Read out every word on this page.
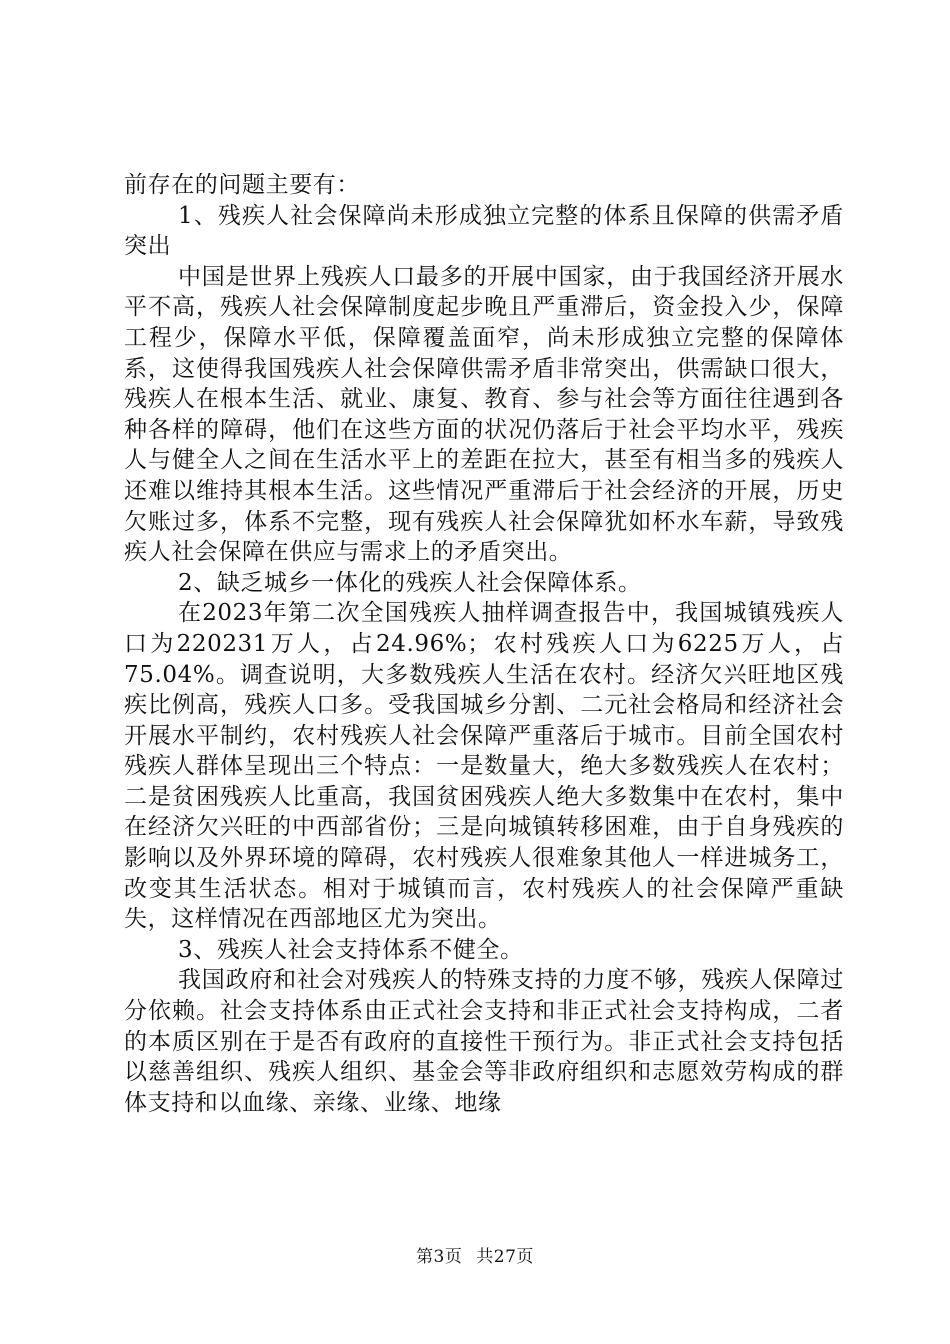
前存在的问题主要有：

1、残疾人社会保障尚未形成独立完整的体系且保障的供需矛盾突出

中国是世界上残疾人口最多的开展中国家，由于我国经济开展水平不高，残疾人社会保障制度起步晚且严重滞后，资金投入少，保障工程少，保障水平低，保障覆盖面窄，尚未形成独立完整的保障体系，这使得我国残疾人社会保障供需矛盾非常突出，供需缺口很大，残疾人在根本生活、就业、康复、教育、参与社会等方面往往遇到各种各样的障碍，他们在这些方面的状况仍落后于社会平均水平，残疾人与健全人之间在生活水平上的差距在拉大，甚至有相当多的残疾人还难以维持其根本生活。这些情况严重滞后于社会经济的开展，历史欠账过多，体系不完整，现有残疾人社会保障犹如杯水车薪，导致残疾人社会保障在供应与需求上的矛盾突出。

2、缺乏城乡一体化的残疾人社会保障体系。

在2023年第二次全国残疾人抽样调查报告中，我国城镇残疾人口为220231万人，占24.96%；农村残疾人口为6225万人，占75.04%。调查说明，大多数残疾人生活在农村。经济欠兴旺地区残疾比例高，残疾人口多。受我国城乡分割、二元社会格局和经济社会开展水平制约，农村残疾人社会保障严重落后于城市。目前全国农村残疾人群体呈现出三个特点：一是数量大，绝大多数残疾人在农村；二是贫困残疾人比重高，我国贫困残疾人绝大多数集中在农村，集中在经济欠兴旺的中西部省份；三是向城镇转移困难，由于自身残疾的影响以及外界环境的障碍，农村残疾人很难象其他人一样进城务工，改变其生活状态。相对于城镇而言，农村残疾人的社会保障严重缺失，这样情况在西部地区尤为突出。

3、残疾人社会支持体系不健全。

我国政府和社会对残疾人的特殊支持的力度不够，残疾人保障过分依赖。社会支持体系由正式社会支持和非正式社会支持构成，二者的本质区别在于是否有政府的直接性干预行为。非正式社会支持包括以慈善组织、残疾人组织、基金会等非政府组织和志愿效劳构成的群体支持和以血缘、亲缘、业缘、地缘

第3页 共27页
